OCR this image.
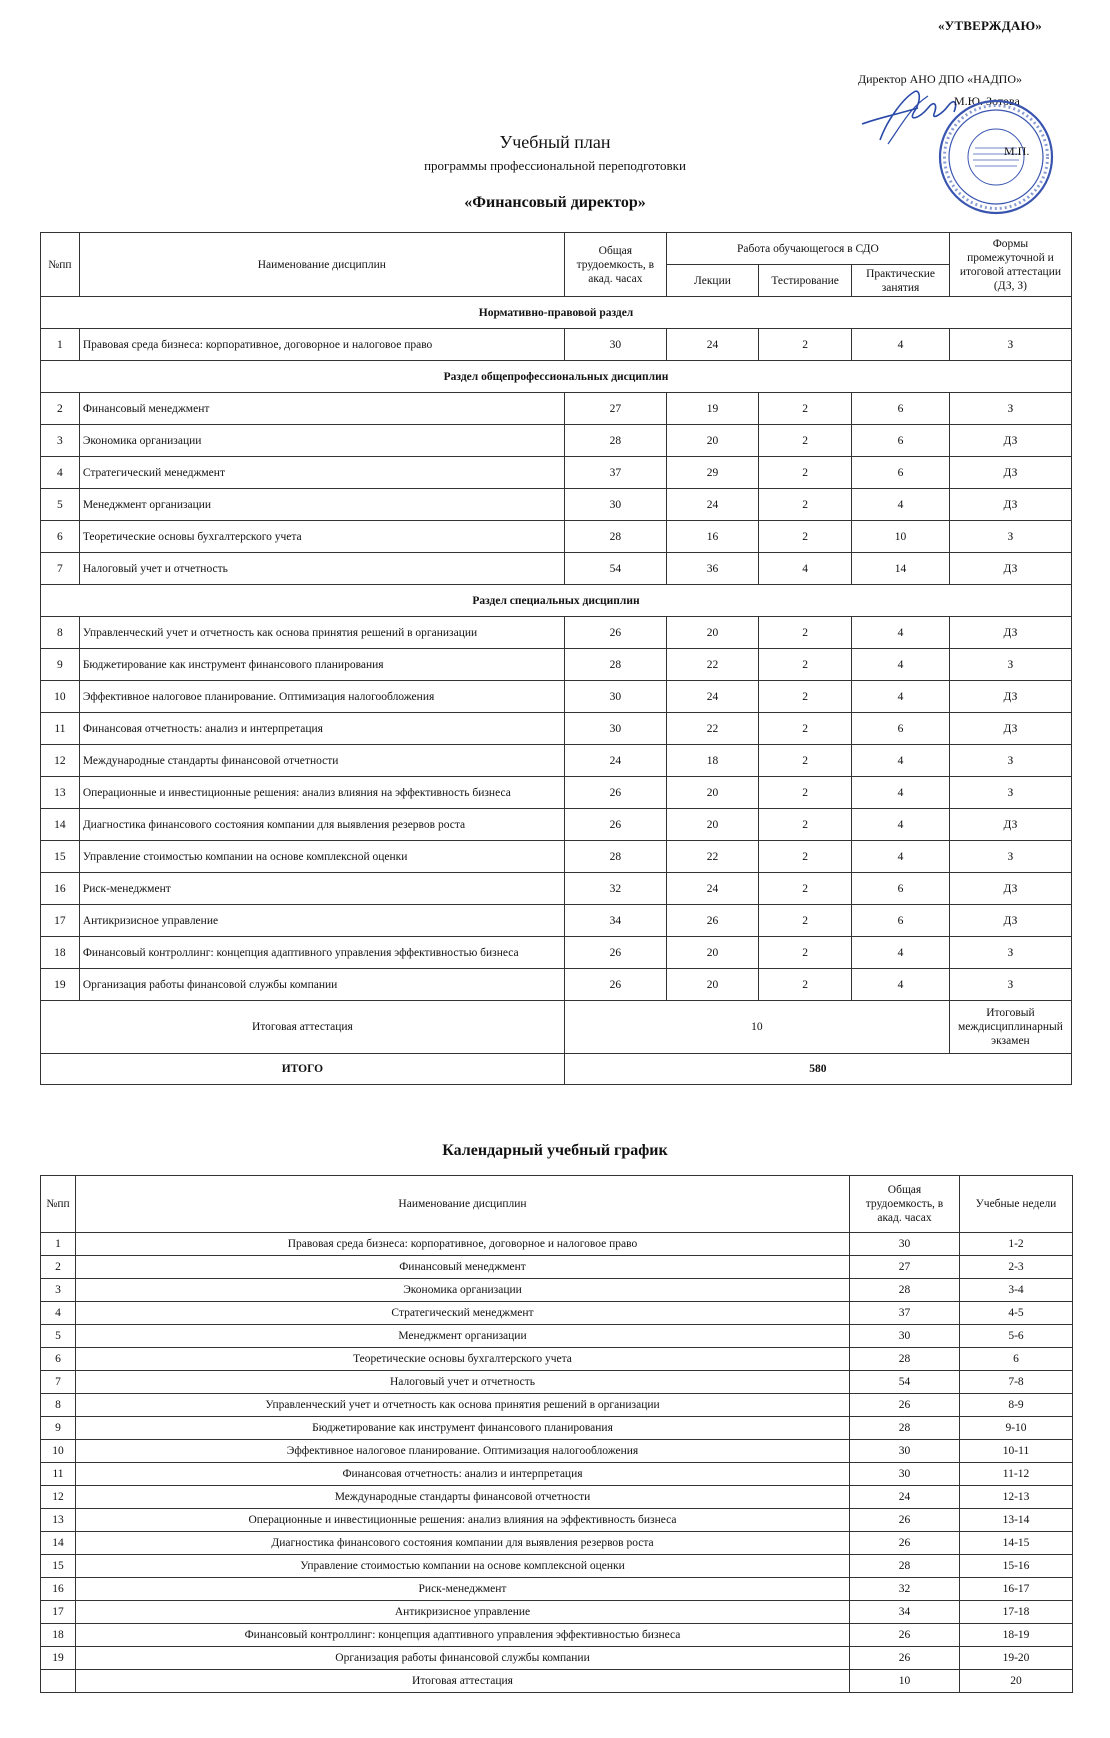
«УТВЕРЖДАЮ»
Директор АНО ДПО «НАДПО»
М.Ю. Зотова
М.П.
Учебный план
программы профессиональной переподготовки
«Финансовый директор»
№пп	Наименование дисциплин	Общая трудоемкость, в акад. часах	Работа обучающегося в СДО			Формы промежуточной и итоговой аттестации (ДЗ, З)
			Лекции	Тестирование	Практические занятия	
Нормативно-правовой раздел						
1	Правовая среда бизнеса: корпоративное, договорное и налоговое право	30	24	2	4	З
Раздел общепрофессиональных дисциплин						
2	Финансовый менеджмент	27	19	2	6	З
3	Экономика организации	28	20	2	6	ДЗ
4	Стратегический менеджмент	37	29	2	6	ДЗ
5	Менеджмент организации	30	24	2	4	ДЗ
6	Теоретические основы бухгалтерского учета	28	16	2	10	З
7	Налоговый учет и отчетность	54	36	4	14	ДЗ
Раздел специальных дисциплин						
8	Управленческий учет и отчетность как основа принятия решений в организации	26	20	2	4	ДЗ
9	Бюджетирование как инструмент финансового планирования	28	22	2	4	З
10	Эффективное налоговое планирование. Оптимизация налогообложения	30	24	2	4	ДЗ
11	Финансовая отчетность: анализ и интерпретация	30	22	2	6	ДЗ
12	Международные стандарты финансовой отчетности	24	18	2	4	З
13	Операционные и инвестиционные решения: анализ влияния на эффективность бизнеса	26	20	2	4	З
14	Диагностика финансового состояния компании для выявления резервов роста	26	20	2	4	ДЗ
15	Управление стоимостью компании на основе комплексной оценки	28	22	2	4	З
16	Риск-менеджмент	32	24	2	6	ДЗ
17	Антикризисное управление	34	26	2	6	ДЗ
18	Финансовый контроллинг: концепция адаптивного управления эффективностью бизнеса	26	20	2	4	З
19	Организация работы финансовой службы компании	26	20	2	4	З
Итоговая аттестация		10				Итоговый междисциплинарный экзамен
ИТОГО		580				
Календарный учебный график
№пп	Наименование дисциплин	Общая трудоемкость, в акад. часах	Учебные недели
1	Правовая среда бизнеса: корпоративное, договорное и налоговое право	30	1-2
2	Финансовый менеджмент	27	2-3
3	Экономика организации	28	3-4
4	Стратегический менеджмент	37	4-5
5	Менеджмент организации	30	5-6
6	Теоретические основы бухгалтерского учета	28	6
7	Налоговый учет и отчетность	54	7-8
8	Управленческий учет и отчетность как основа принятия решений в организации	26	8-9
9	Бюджетирование как инструмент финансового планирования	28	9-10
10	Эффективное налоговое планирование. Оптимизация налогообложения	30	10-11
11	Финансовая отчетность: анализ и интерпретация	30	11-12
12	Международные стандарты финансовой отчетности	24	12-13
13	Операционные и инвестиционные решения: анализ влияния на эффективность бизнеса	26	13-14
14	Диагностика финансового состояния компании для выявления резервов роста	26	14-15
15	Управление стоимостью компании на основе комплексной оценки	28	15-16
16	Риск-менеджмент	32	16-17
17	Антикризисное управление	34	17-18
18	Финансовый контроллинг: концепция адаптивного управления эффективностью бизнеса	26	18-19
19	Организация работы финансовой службы компании	26	19-20
	Итоговая аттестация	10	20
